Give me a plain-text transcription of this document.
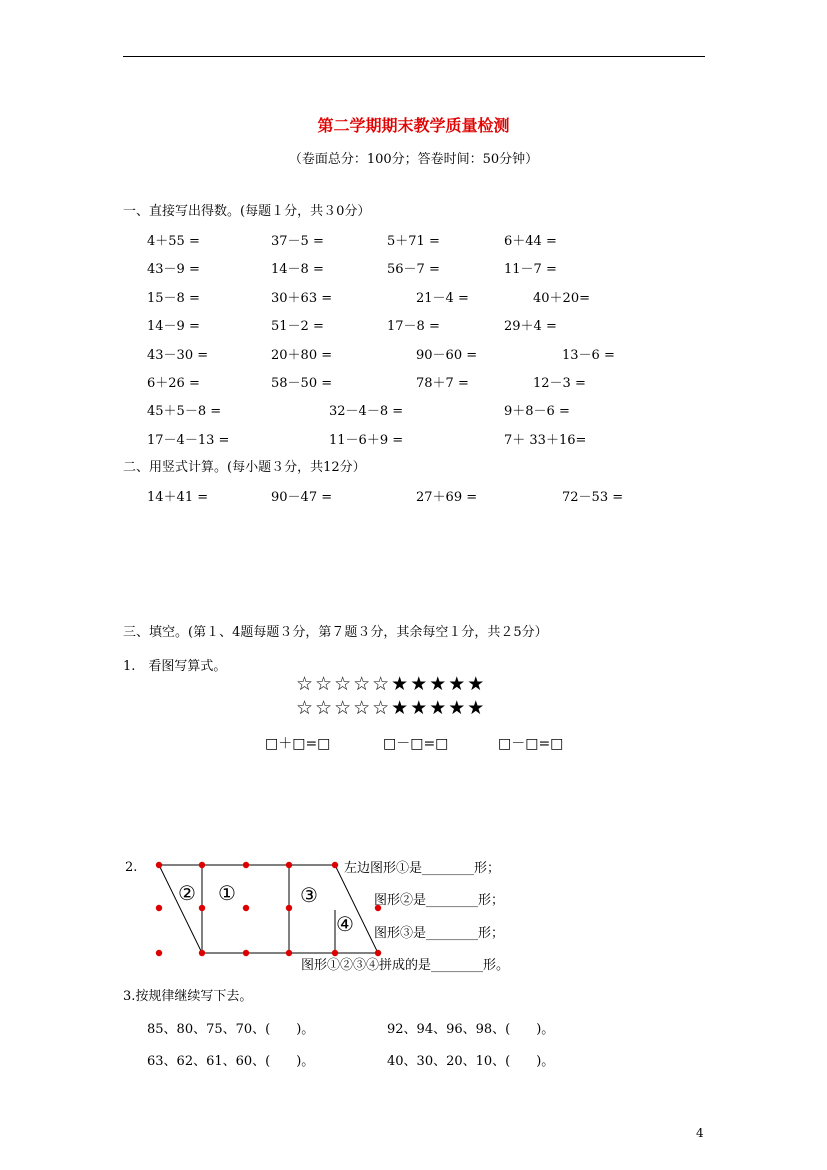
第二学期期末教学质量检测
（卷面总分：100分；答卷时间：50分钟）
一、直接写出得数。(每题１分，共３0分）
4＋55 =	37－5 =	5＋71 =	6＋44 =
43－9 =	14－8 =	56－7 =	11－7 =
15－8 =	30＋63 =	21－4 =	40＋20=
14－9 =	51－2 =	17－8 =	29＋4 =
43－30 =	20＋80 =	90－60 =	13－6 =
6＋26 =	58－50 =	78＋7 =	12－3 =
45＋5－8 =	32－4－8 =	9＋8－6 =
17－4－13 =	11－6＋9 =	7＋ 33＋16=
二、用竖式计算。(每小题３分，共12分）
14＋41 =	90－47 =	27＋69 =	72－53 =
三、填空。(第１、4题每题３分，第７题３分，其余每空１分，共２5分）
1.　看图写算式。
☆☆☆☆☆★★★★★
☆☆☆☆☆★★★★★
□＋□=□	□－□=□	□－□=□
2.
② ①	③
④
左边图形①是________形；
图形②是________形；
图形③是________形；
图形①②③④拼成的是________形。
3.按规律继续写下去。
85、80、75、70、(　　)。	92、94、96、98、(　　)。
63、62、61、60、(　　)。	40、30、20、10、(　　)。
4
